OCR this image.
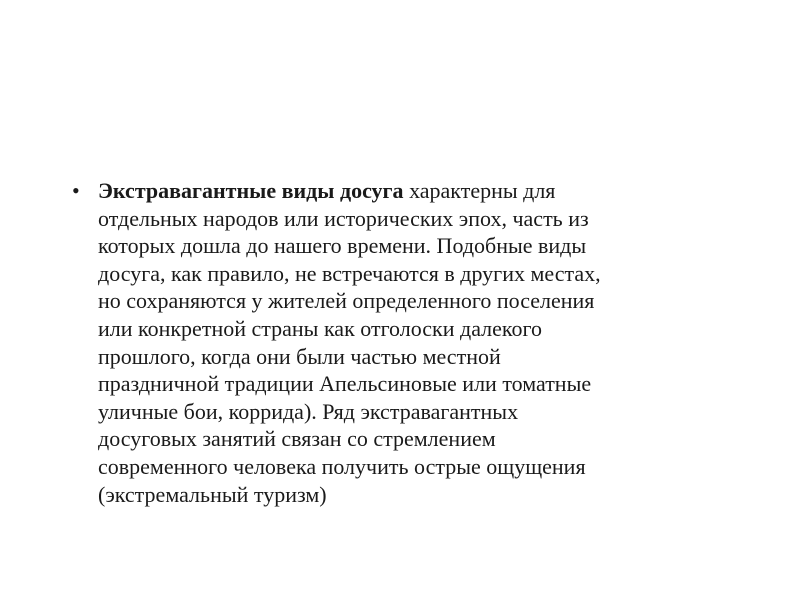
• Экстравагантные виды досуга характерны для
отдельных народов или исторических эпох, часть из
которых дошла до нашего времени. Подобные виды
досуга, как правило, не встречаются в других местах,
но сохраняются у жителей определенного поселения
или конкретной страны как отголоски далекого
прошлого, когда они были частью местной
праздничной традиции Апельсиновые или томатные
уличные бои, коррида). Ряд экстравагантных
досуговых занятий связан со стремлением
современного человека получить острые ощущения
(экстремальный туризм)
